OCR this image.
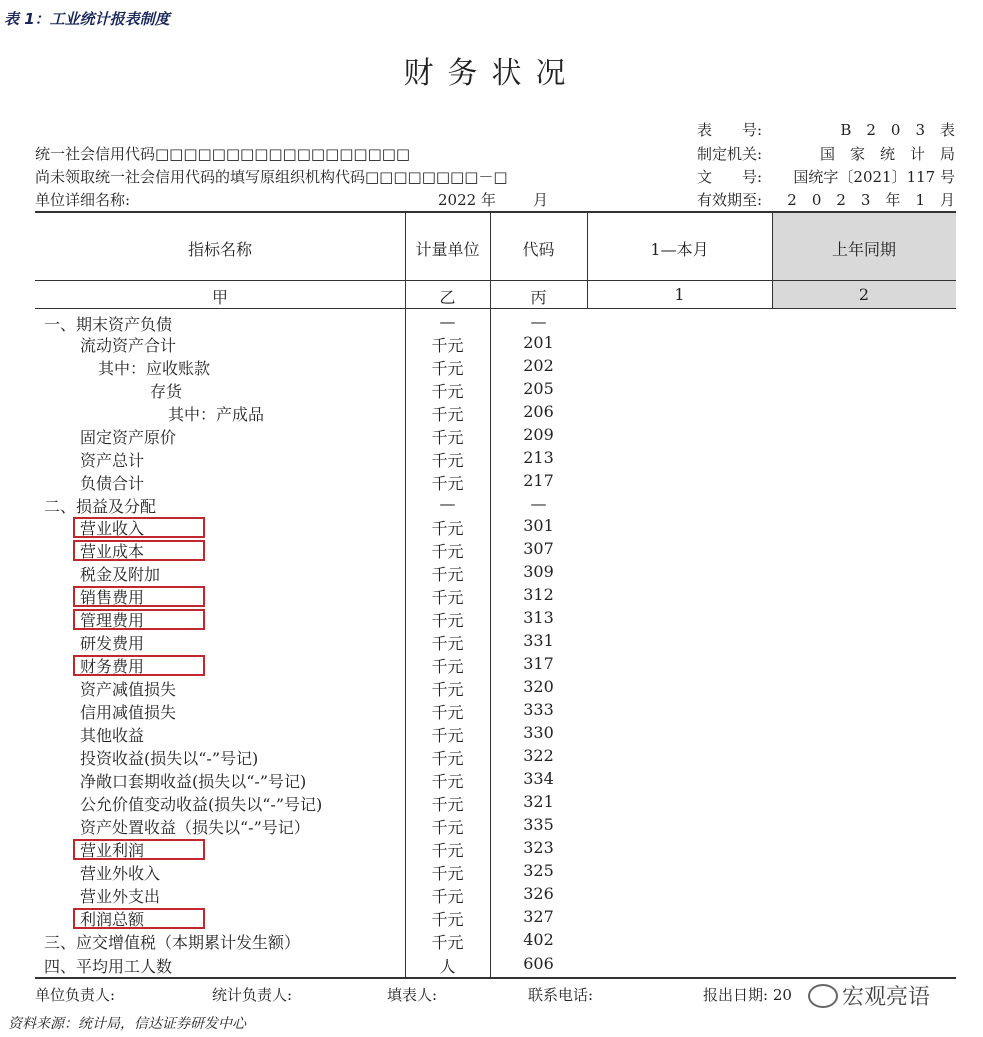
表 1：工业统计报表制度
财务状况
统一社会信用代码□□□□□□□□□□□□□□□□□□
尚未领取统一社会信用代码的填写原组织机构代码□□□□□□□□－□
单位详细名称:	2022 年 月
表　　号:	B　2　0　3　表
制定机关:	国　家　统　计　局
文　　号: 国统字〔2021〕117 号
有效期至: 2　0　2　3　年　1　月
指标名称	计量单位	代码	1—本月	上年同期
甲	乙	丙	1	2
一、期末资产负债	—	—
流动资产合计	千元	201
其中：应收账款	千元	202
存货	千元	205
其中：产成品	千元	206
固定资产原价	千元	209
资产总计	千元	213
负债合计	千元	217
二、损益及分配	—	—
营业收入	千元	301
营业成本	千元	307
税金及附加	千元	309
销售费用	千元	312
管理费用	千元	313
研发费用	千元	331
财务费用	千元	317
资产减值损失	千元	320
信用减值损失	千元	333
其他收益	千元	330
投资收益(损失以“-”号记)	千元	322
净敞口套期收益(损失以“-”号记)	千元	334
公允价值变动收益(损失以“-”号记)	千元	321
资产处置收益（损失以“-”号记）	千元	335
营业利润	千元	323
营业外收入	千元	325
营业外支出	千元	326
利润总额	千元	327
三、应交增值税（本期累计发生额）	千元	402
四、平均用工人数	人	606
单位负责人:	统计负责人:	填表人:	联系电话:	报出日期: 20 宏观亮语
资料来源：统计局，信达证券研发中心
